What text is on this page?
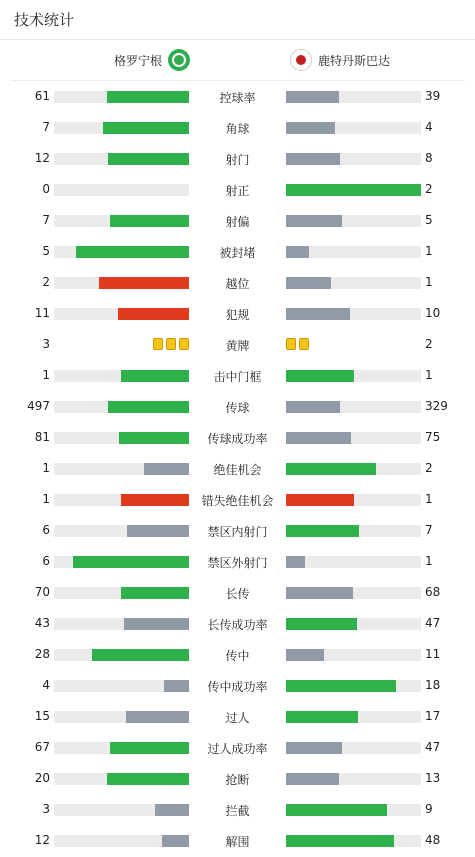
技术统计
格罗宁根	鹿特丹斯巴达
61	控球率	39
7	角球	4
12	射门	8
0	射正	2
7	射偏	5
5	被封堵	1
2	越位	1
11	犯规	10
3	黄牌	2
1	击中门框	1
497	传球	329
81	传球成功率	75
1	绝佳机会	2
1	错失绝佳机会	1
6	禁区内射门	7
6	禁区外射门	1
70	长传	68
43	长传成功率	47
28	传中	11
4	传中成功率	18
15	过人	17
67	过人成功率	47
20	抢断	13
3	拦截	9
12	解围	48
